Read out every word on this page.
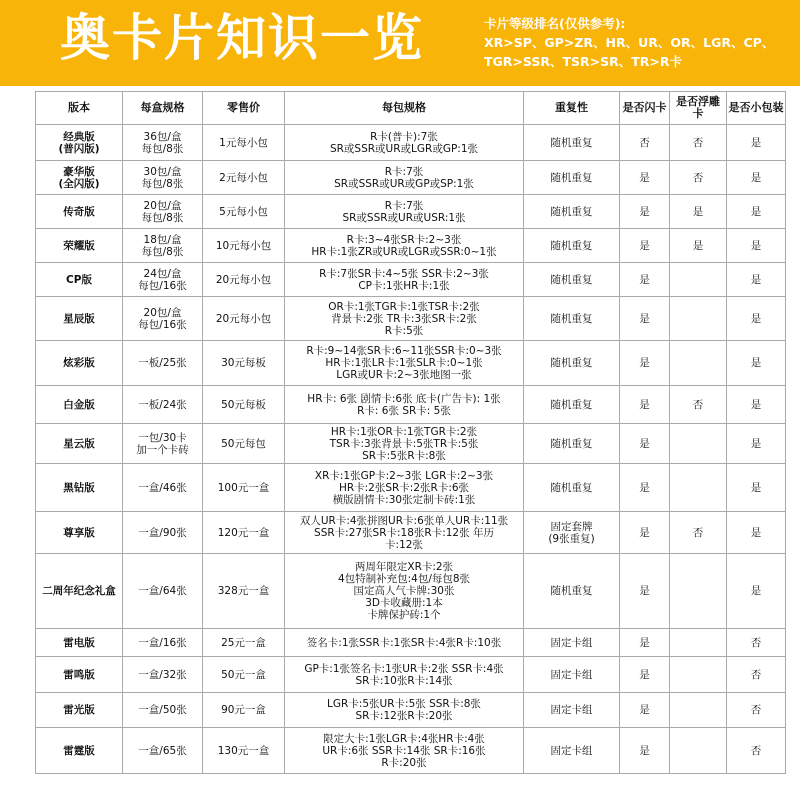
奥卡片知识一览	卡片等级排名(仅供参考):
XR>SP、GP>ZR、HR、UR、OR、LGR、CP、
TGR>SSR、TSR>SR、TR>R卡
版本	每盒规格	零售价	每包规格	重复性	是否闪卡	是否浮雕卡	是否小包装
经典版
(普闪版)	36包/盒
每包/8张	1元每小包	R卡(普卡):7张
SR或SSR或UR或LGR或GP:1张	随机重复	否	否	是
豪华版
(全闪版)	30包/盒
每包/8张	2元每小包	R卡:7张
SR或SSR或UR或GP或SP:1张	随机重复	是	否	是
传奇版	20包/盒
每包/8张	5元每小包	R卡:7张
SR或SSR或UR或USR:1张	随机重复	是	是	是
荣耀版	18包/盒
每包/8张	10元每小包	R卡:3~4张SR卡:2~3张
HR卡:1张ZR或UR或LGR或SSR:0~1张	随机重复	是	是	是
CP版	24包/盒
每包/16张	20元每小包	R卡:7张SR卡:4~5张 SSR卡:2~3张
CP卡:1张HR卡:1张	随机重复	是		是
星辰版	20包/盒
每包/16张	20元每小包	OR卡:1张TGR卡:1张TSR卡:2张
背景卡:2张 TR卡:3张SR卡:2张
R卡:5张	随机重复	是		是
炫彩版	一板/25张	30元每板	R卡:9~14张SR卡:6~11张SSR卡:0~3张
HR卡:1张LR卡:1张SLR卡:0~1张
LGR或UR卡:2~3张地图一张	随机重复	是		是
白金版	一板/24张	50元每板	HR卡: 6张 剧情卡:6张 底卡(广告卡): 1张
R卡: 6张 SR卡: 5张	随机重复	是	否	是
星云版	一包/30卡
加一个卡砖	50元每包	HR卡:1张OR卡:1张TGR卡:2张
TSR卡:3张背景卡:5张TR卡:5张
SR卡:5张R卡:8张	随机重复	是		是
黑钻版	一盒/46张	100元一盒	XR卡:1张GP卡:2~3张 LGR卡:2~3张
HR卡:2张SR卡:2张R卡:6张
横版剧情卡:30张定制卡砖:1张	随机重复	是		是
尊享版	一盒/90张	120元一盒	双人UR卡:4张拼图UR卡:6张单人UR卡:11张
SSR卡:27张SR卡:18张R卡:12张 年历
卡:12张	固定套牌
(9张重复)	是	否	是
二周年纪念礼盒	一盒/64张	328元一盒	两周年限定XR卡:2张
4包特制补充包:4包/每包8张
国定高人气卡牌:30张
3D卡收藏册:1本
卡牌保护砖:1个	随机重复	是		是
雷电版	一盒/16张	25元一盒	签名卡:1张SSR卡:1张SR卡:4张R卡:10张	固定卡组	是		否
雷鸣版	一盒/32张	50元一盒	GP卡:1张签名卡:1张UR卡:2张 SSR卡:4张
SR卡:10张R卡:14张	固定卡组	是		否
雷光版	一盒/50张	90元一盒	LGR卡:5张UR卡:5张 SSR卡:8张
SR卡:12张R卡:20张	固定卡组	是		否
雷霆版	一盒/65张	130元一盒	限定大卡:1张LGR卡:4张HR卡:4张
UR卡:6张 SSR卡:14张 SR卡:16张
R卡:20张	固定卡组	是		否
